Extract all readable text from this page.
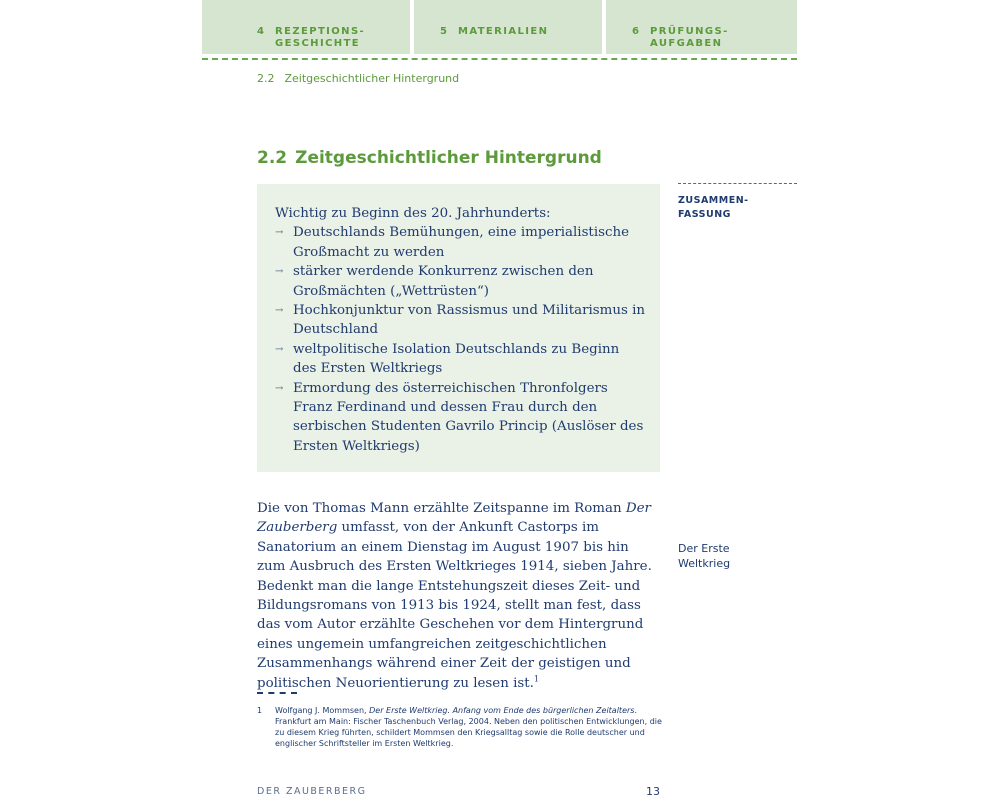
4 REZEPTIONS-
GESCHICHTE
5 MATERIALIEN	6 PRÜFUNGS-
AUFGABEN
2.2 Zeitgeschichtlicher Hintergrund
2.2 Zeitgeschichtlicher Hintergrund
Wichtig zu Beginn des 20. Jahrhunderts:
→ Deutschlands Bemühungen, eine imperialistische Großmacht zu werden
→ stärker werdende Konkurrenz zwischen den Großmächten („Wettrüsten“)
→ Hochkonjunktur von Rassismus und Militarismus in Deutschland
→ weltpolitische Isolation Deutschlands zu Beginn des Ersten Weltkriegs
→ Ermordung des österreichischen Thronfolgers Franz Ferdinand und dessen Frau durch den serbischen Studenten Gavrilo Princip (Auslöser des Ersten Weltkriegs)
ZUSAMMEN-
FASSUNG

Die von Thomas Mann erzählte Zeitspanne im Roman Der Zauberberg umfasst, von der Ankunft Castorps im Sanatorium an einem Dienstag im August 1907 bis hin zum Ausbruch des Ersten Weltkrieges 1914, sieben Jahre. Bedenkt man die lange Entstehungszeit dieses Zeit- und Bildungsromans von 1913 bis 1924, stellt man fest, dass das vom Autor erzählte Geschehen vor dem Hintergrund eines ungemein umfangreichen zeitgeschichtlichen Zusammenhangs während einer Zeit der geistigen und politischen Neuorientierung zu lesen ist.$^1$

Der Erste
Weltkrieg
1	Wolfgang J. Mommsen, Der Erste Weltkrieg. Anfang vom Ende des bürgerlichen Zeitalters. Frankfurt am Main: Fischer Taschenbuch Verlag, 2004. Neben den politischen Entwicklungen, die zu diesem Krieg führten, schildert Mommsen den Kriegsalltag sowie die Rolle deutscher und englischer Schriftsteller im Ersten Weltkrieg.
DER ZAUBERBERG	13
